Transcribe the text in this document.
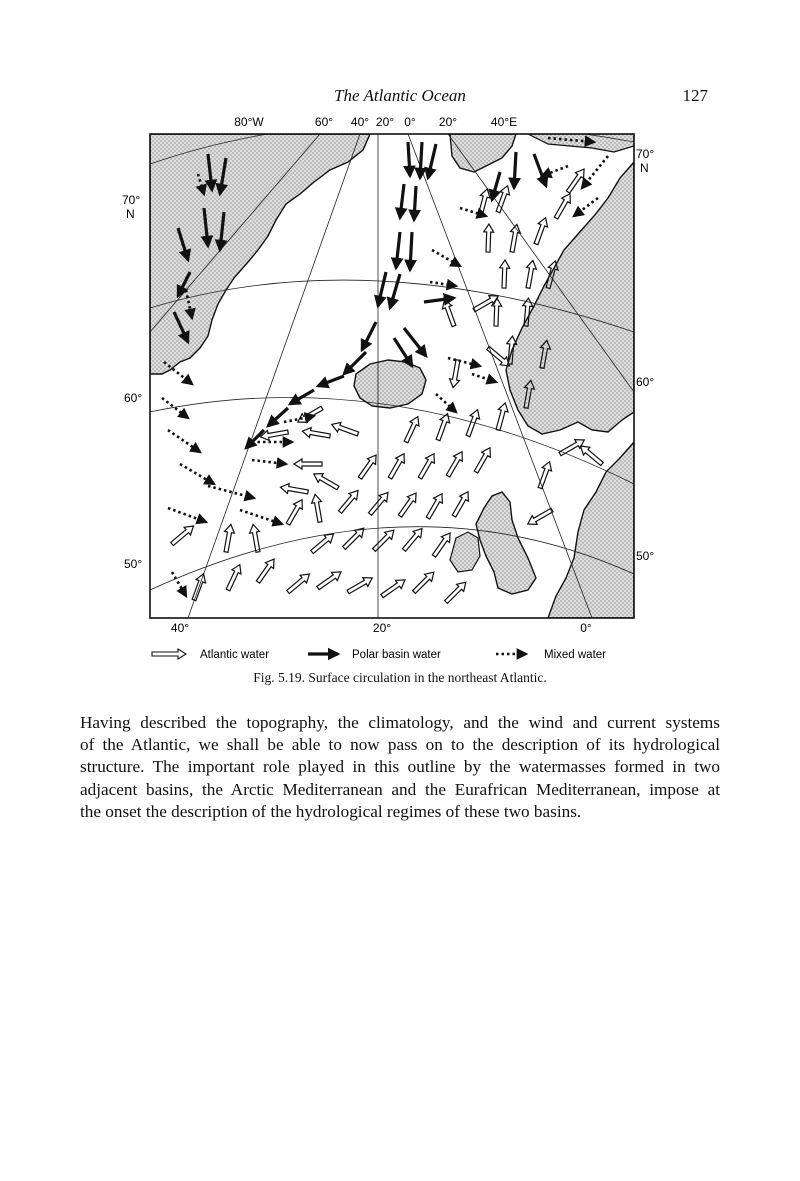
The Atlantic Ocean	127
80°W	60° 40° 20° 0° 20°	40°E
70°
N
60°
50°
70°
N
60°
50°
40°	20°	0°
Atlantic water	Polar basin water	Mixed water
Fig. 5.19. Surface circulation in the northeast Atlantic.
Having described the topography, the climatology, and the wind and current systems
of the Atlantic, we shall be able to now pass on to the description of its hydrological
structure. The important role played in this outline by the watermasses formed in two
adjacent basins, the Arctic Mediterranean and the Eurafrican Mediterranean, impose at
the onset the description of the hydrological regimes of these two basins.
